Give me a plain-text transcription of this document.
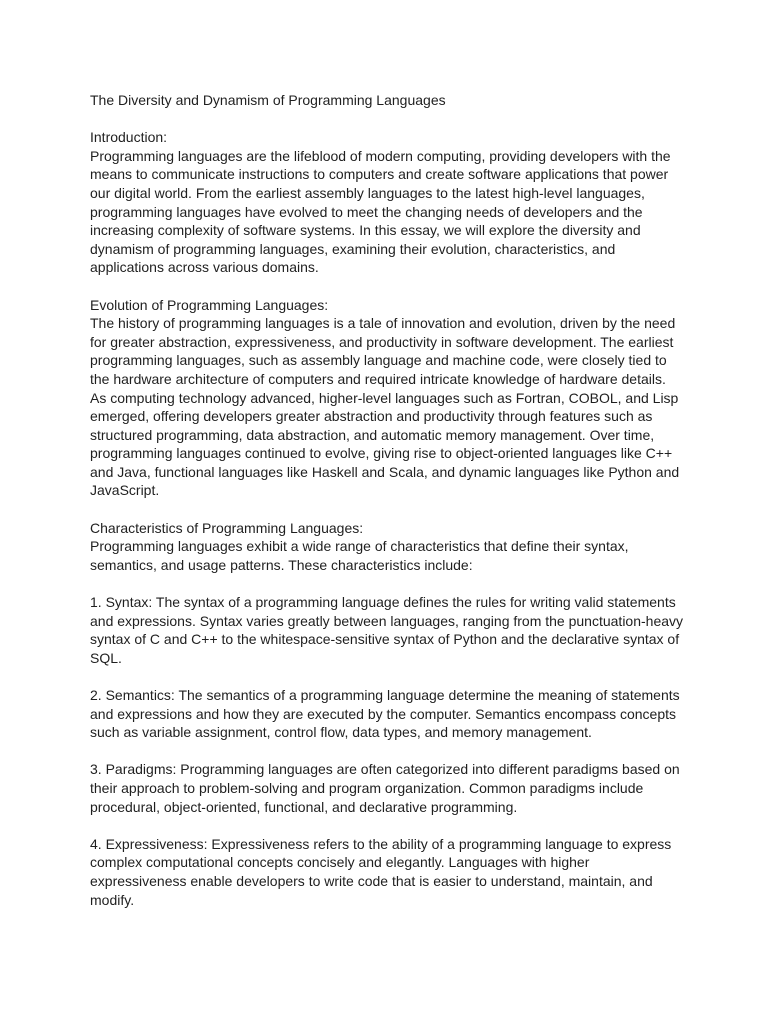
The Diversity and Dynamism of Programming Languages

Introduction:

Programming languages are the lifeblood of modern computing, providing developers with the
means to communicate instructions to computers and create software applications that power
our digital world. From the earliest assembly languages to the latest high-level languages,
programming languages have evolved to meet the changing needs of developers and the
increasing complexity of software systems. In this essay, we will explore the diversity and
dynamism of programming languages, examining their evolution, characteristics, and
applications across various domains.

Evolution of Programming Languages:

The history of programming languages is a tale of innovation and evolution, driven by the need
for greater abstraction, expressiveness, and productivity in software development. The earliest
programming languages, such as assembly language and machine code, were closely tied to
the hardware architecture of computers and required intricate knowledge of hardware details.
As computing technology advanced, higher-level languages such as Fortran, COBOL, and Lisp
emerged, offering developers greater abstraction and productivity through features such as
structured programming, data abstraction, and automatic memory management. Over time,
programming languages continued to evolve, giving rise to object-oriented languages like C++
and Java, functional languages like Haskell and Scala, and dynamic languages like Python and
JavaScript.

Characteristics of Programming Languages:

Programming languages exhibit a wide range of characteristics that define their syntax,
semantics, and usage patterns. These characteristics include:

1. Syntax: The syntax of a programming language defines the rules for writing valid statements
and expressions. Syntax varies greatly between languages, ranging from the punctuation-heavy
syntax of C and C++ to the whitespace-sensitive syntax of Python and the declarative syntax of
SQL.

2. Semantics: The semantics of a programming language determine the meaning of statements
and expressions and how they are executed by the computer. Semantics encompass concepts
such as variable assignment, control flow, data types, and memory management.

3. Paradigms: Programming languages are often categorized into different paradigms based on
their approach to problem-solving and program organization. Common paradigms include
procedural, object-oriented, functional, and declarative programming.

4. Expressiveness: Expressiveness refers to the ability of a programming language to express
complex computational concepts concisely and elegantly. Languages with higher
expressiveness enable developers to write code that is easier to understand, maintain, and
modify.
